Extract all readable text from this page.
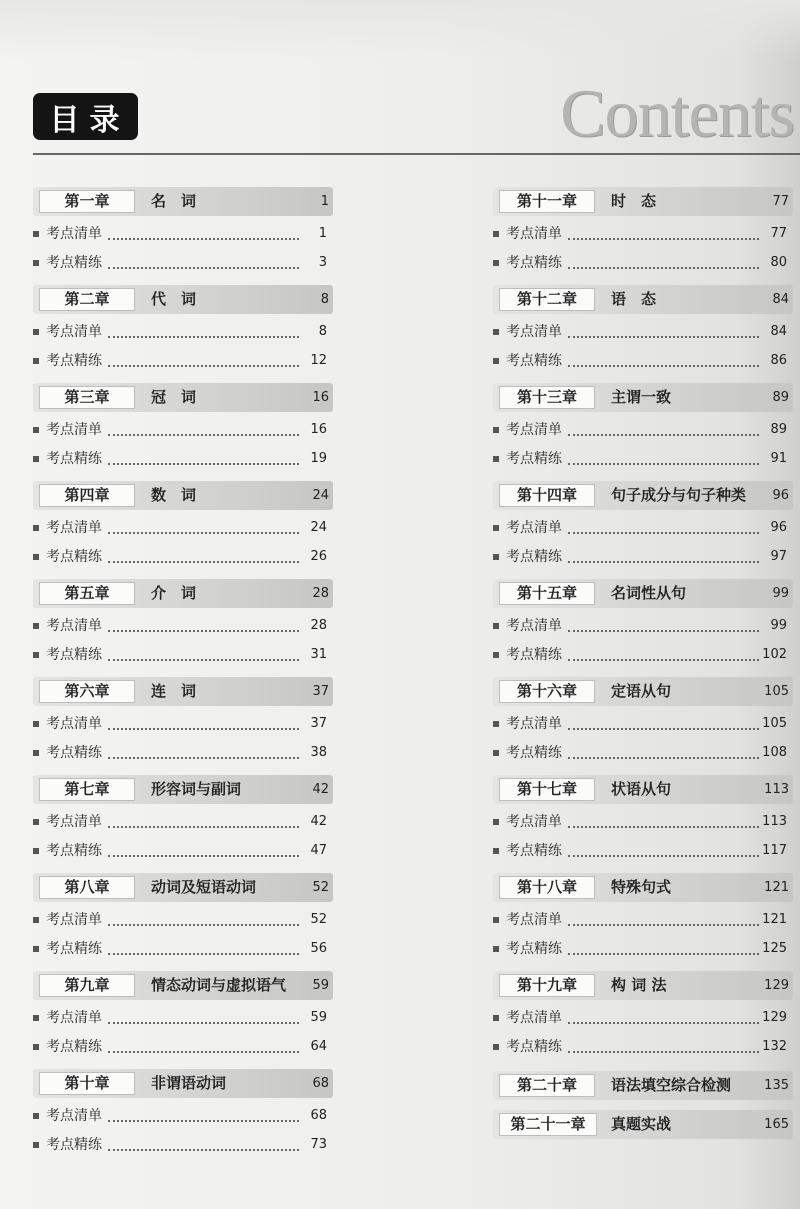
目录	Contents
第一章	名　词	1
考点清单	1
考点精练	3
第二章	代　词	8
考点清单	8
考点精练	12
第三章	冠　词	16
考点清单	16
考点精练	19
第四章	数　词	24
考点清单	24
考点精练	26
第五章	介　词	28
考点清单	28
考点精练	31
第六章	连　词	37
考点清单	37
考点精练	38
第七章	形容词与副词	42
考点清单	42
考点精练	47
第八章	动词及短语动词	52
考点清单	52
考点精练	56
第九章	情态动词与虚拟语气 59
考点清单	59
考点精练	64
第十章	非谓语动词	68
考点清单	68
考点精练	73
第十一章	时　态	77
考点清单	77
考点精练	80
第十二章	语　态	84
考点清单	84
考点精练	86
第十三章	主谓一致	89
考点清单	89
考点精练	91
第十四章	句子成分与句子种类 96
考点清单	96
考点精练	97
第十五章	名词性从句	99
考点清单	99
考点精练	102
第十六章	定语从句	105
考点清单	105
考点精练	108
第十七章	状语从句	113
考点清单	113
考点精练	117
第十八章	特殊句式	121
考点清单	121
考点精练	125
第十九章	构 词 法	129
考点清单	129
考点精练	132
第二十章	语法填空综合检测	135
第二十一章	真题实战	165
